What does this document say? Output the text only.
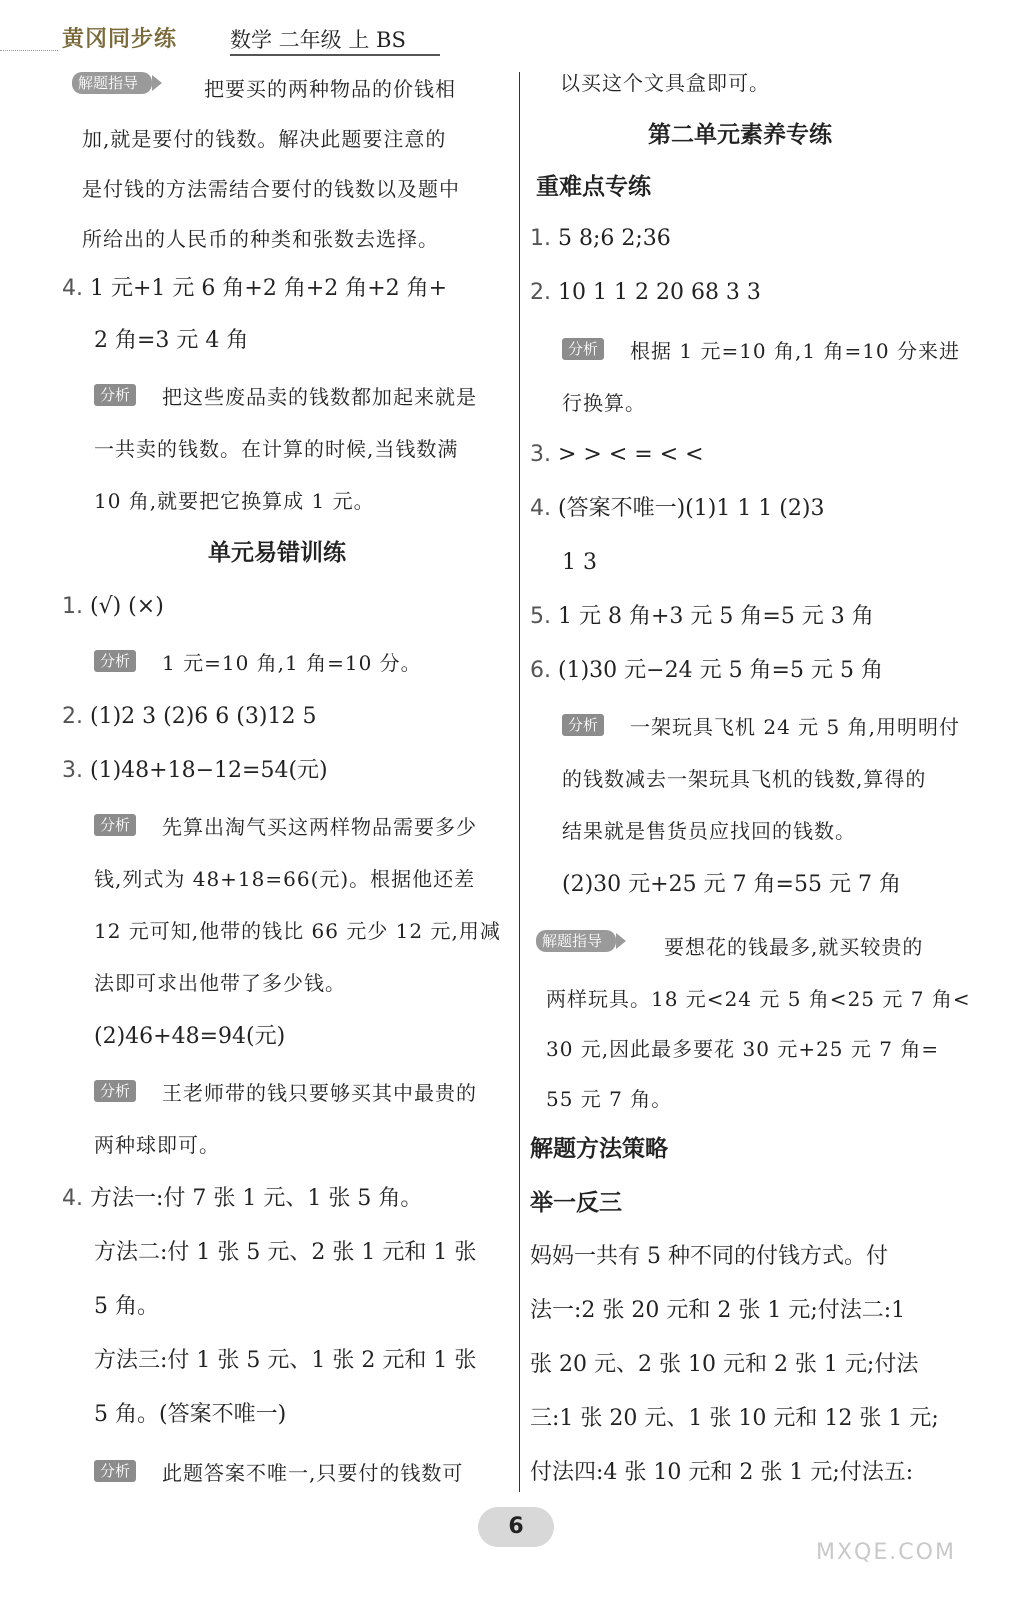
黄冈同步练	数学 二年级 上 BS
解题指导	把要买的两种物品的价钱相
加,就是要付的钱数。解决此题要注意的
是付钱的方法需结合要付的钱数以及题中
所给出的人民币的种类和张数去选择。
4. 1 元+1 元 6 角+2 角+2 角+2 角+
2 角=3 元 4 角
分析	把这些废品卖的钱数都加起来就是
一共卖的钱数。在计算的时候,当钱数满
10 角,就要把它换算成 1 元。
单元易错训练
1. (√) (×)
分析	1 元=10 角,1 角=10 分。
2. (1)2 3 (2)6 6 (3)12 5
3. (1)48+18−12=54(元)
分析	先算出淘气买这两样物品需要多少
钱,列式为 48+18=66(元)。根据他还差
12 元可知,他带的钱比 66 元少 12 元,用减
法即可求出他带了多少钱。
(2)46+48=94(元)
分析	王老师带的钱只要够买其中最贵的
两种球即可。
4. 方法一:付 7 张 1 元、1 张 5 角。
方法二:付 1 张 5 元、2 张 1 元和 1 张
5 角。
方法三:付 1 张 5 元、1 张 2 元和 1 张
5 角。(答案不唯一)
分析	此题答案不唯一,只要付的钱数可
以买这个文具盒即可。
第二单元素养专练
重难点专练
1. 5 8;6 2;36
2. 10 1 1 2 20 68 3 3
分析	根据 1 元=10 角,1 角=10 分来进
行换算。
3. > > < = < <
4. (答案不唯一)(1)1 1 1 (2)3
1 3
5. 1 元 8 角+3 元 5 角=5 元 3 角
6. (1)30 元−24 元 5 角=5 元 5 角
分析	一架玩具飞机 24 元 5 角,用明明付
的钱数减去一架玩具飞机的钱数,算得的
结果就是售货员应找回的钱数。
(2)30 元+25 元 7 角=55 元 7 角
解题指导	要想花的钱最多,就买较贵的
两样玩具。18 元<24 元 5 角<25 元 7 角<
30 元,因此最多要花 30 元+25 元 7 角=
55 元 7 角。
解题方法策略
举一反三
妈妈一共有 5 种不同的付钱方式。付
法一:2 张 20 元和 2 张 1 元;付法二:1
张 20 元、2 张 10 元和 2 张 1 元;付法
三:1 张 20 元、1 张 10 元和 12 张 1 元;
付法四:4 张 10 元和 2 张 1 元;付法五:
6
MXQE.COM
